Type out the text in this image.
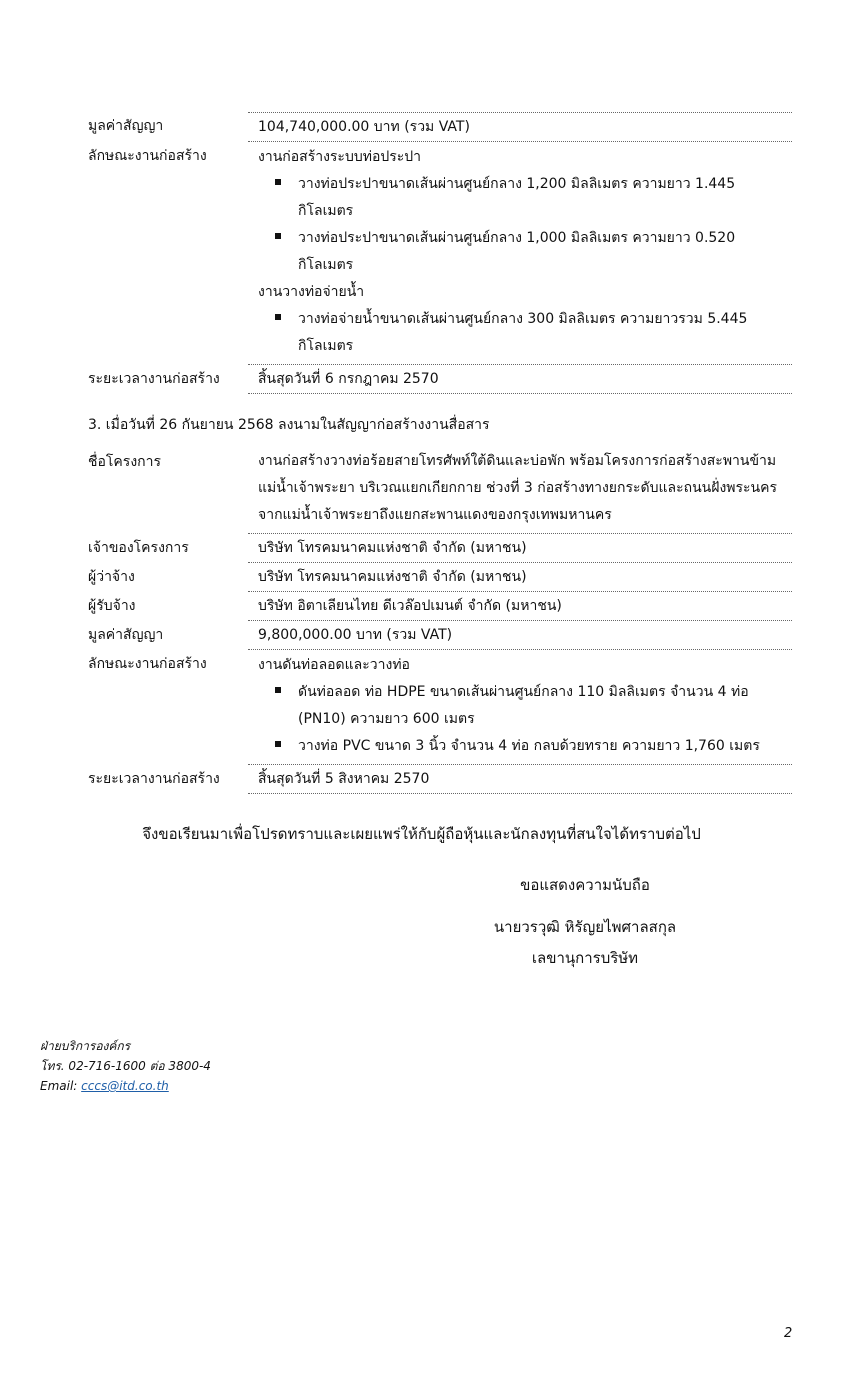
มูลค่าสัญญา	104,740,000.00 บาท (รวม VAT)
ลักษณะงานก่อสร้าง	งานก่อสร้างระบบท่อประปา
วางท่อประปาขนาดเส้นผ่านศูนย์กลาง 1,200 มิลลิเมตร ความยาว 1.445
กิโลเมตร
วางท่อประปาขนาดเส้นผ่านศูนย์กลาง 1,000 มิลลิเมตร ความยาว 0.520
กิโลเมตร
งานวางท่อจ่ายน้ำ
วางท่อจ่ายน้ำขนาดเส้นผ่านศูนย์กลาง 300 มิลลิเมตร ความยาวรวม 5.445
กิโลเมตร
ระยะเวลางานก่อสร้าง	สิ้นสุดวันที่ 6 กรกฎาคม 2570
3. เมื่อวันที่ 26 กันยายน 2568 ลงนามในสัญญาก่อสร้างงานสื่อสาร
ชื่อโครงการ	งานก่อสร้างวางท่อร้อยสายโทรศัพท์ใต้ดินและบ่อพัก พร้อมโครงการก่อสร้างสะพานข้าม
แม่น้ำเจ้าพระยา บริเวณแยกเกียกกาย ช่วงที่ 3 ก่อสร้างทางยกระดับและถนนฝั่งพระนคร
จากแม่น้ำเจ้าพระยาถึงแยกสะพานแดงของกรุงเทพมหานคร
เจ้าของโครงการ	บริษัท โทรคมนาคมแห่งชาติ จำกัด (มหาชน)
ผู้ว่าจ้าง	บริษัท โทรคมนาคมแห่งชาติ จำกัด (มหาชน)
ผู้รับจ้าง	บริษัท อิตาเลียนไทย ดีเวล๊อปเมนต์ จำกัด (มหาชน)
มูลค่าสัญญา	9,800,000.00 บาท (รวม VAT)
ลักษณะงานก่อสร้าง	งานดันท่อลอดและวางท่อ
ดันท่อลอด ท่อ HDPE ขนาดเส้นผ่านศูนย์กลาง 110 มิลลิเมตร จำนวน 4 ท่อ
(PN10) ความยาว 600 เมตร
วางท่อ PVC ขนาด 3 นิ้ว จำนวน 4 ท่อ กลบด้วยทราย ความยาว 1,760 เมตร
ระยะเวลางานก่อสร้าง	สิ้นสุดวันที่ 5 สิงหาคม 2570
จึงขอเรียนมาเพื่อโปรดทราบและเผยแพร่ให้กับผู้ถือหุ้นและนักลงทุนที่สนใจได้ทราบต่อไป
ขอแสดงความนับถือ
นายวรวุฒิ หิรัญยไพศาลสกุล
เลขานุการบริษัท
ฝ่ายบริการองค์กร
โทร. 02-716-1600 ต่อ 3800-4
Email: cccs@itd.co.th
2
